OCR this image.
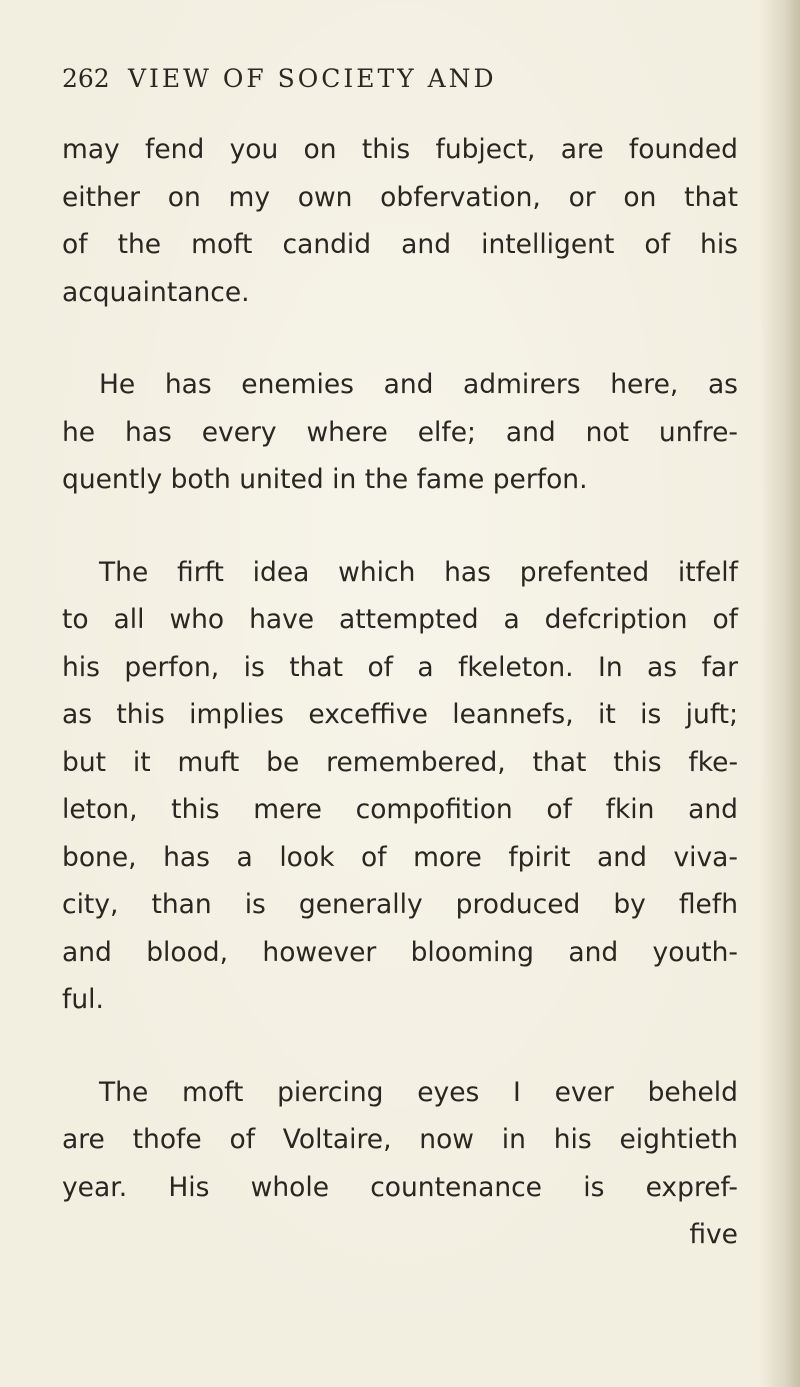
262 VIEW OF SOCIETY AND
may fend you on this fubject, are founded
either on my own obfervation, or on that
of the moft candid and intelligent of his
acquaintance.
He has enemies and admirers here, as
he has every where elfe; and not unfre-
quently both united in the fame perfon.
The firft idea which has prefented itfelf
to all who have attempted a defcription of
his perfon, is that of a fkeleton. In as far
as this implies exceffive leannefs, it is juft;
but it muft be remembered, that this fke-
leton, this mere compofition of fkin and
bone, has a look of more fpirit and viva-
city, than is generally produced by flefh
and blood, however blooming and youth-
ful.
The moft piercing eyes I ever beheld
are thofe of Voltaire, now in his eightieth
year. His whole countenance is expref-
five
